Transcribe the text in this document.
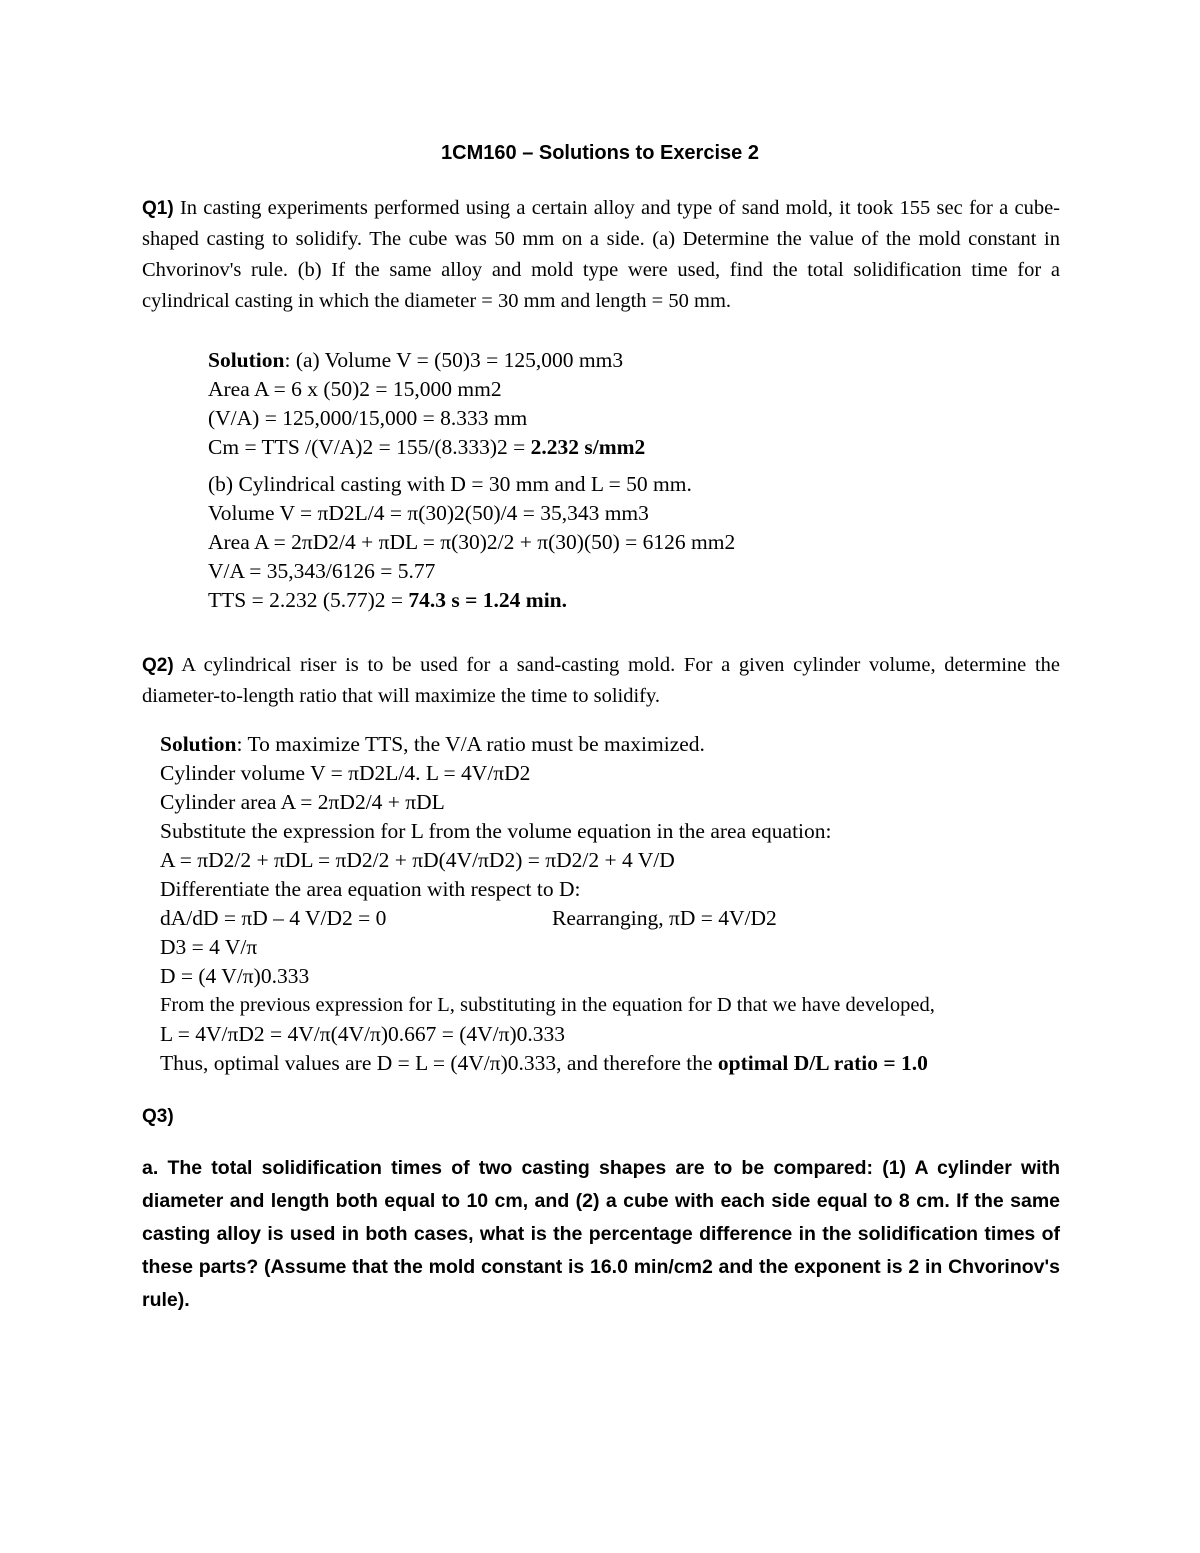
1CM160 – Solutions to Exercise 2
Q1) In casting experiments performed using a certain alloy and type of sand mold, it took 155 sec for a cube-shaped casting to solidify. The cube was 50 mm on a side. (a) Determine the value of the mold constant in Chvorinov's rule. (b) If the same alloy and mold type were used, find the total solidification time for a cylindrical casting in which the diameter = 30 mm and length = 50 mm.
Solution: (a) Volume V = (50)3 = 125,000 mm3
Area A = 6 x (50)2 = 15,000 mm2
(V/A) = 125,000/15,000 = 8.333 mm
Cm = TTS /(V/A)2 = 155/(8.333)2 = 2.232 s/mm2
(b) Cylindrical casting with D = 30 mm and L = 50 mm.
Volume V = πD2L/4 = π(30)2(50)/4 = 35,343 mm3
Area A = 2πD2/4 + πDL = π(30)2/2 + π(30)(50) = 6126 mm2
V/A = 35,343/6126 = 5.77
TTS = 2.232 (5.77)2 = 74.3 s = 1.24 min.
Q2) A cylindrical riser is to be used for a sand-casting mold. For a given cylinder volume, determine the diameter-to-length ratio that will maximize the time to solidify.
Solution: To maximize TTS, the V/A ratio must be maximized.
Cylinder volume V = πD2L/4. L = 4V/πD2
Cylinder area A = 2πD2/4 + πDL
Substitute the expression for L from the volume equation in the area equation:
A = πD2/2 + πDL = πD2/2 + πD(4V/πD2) = πD2/2 + 4 V/D
Differentiate the area equation with respect to D:
dA/dD = πD – 4 V/D2 = 0	Rearranging, πD = 4V/D2
D3 = 4 V/π
D = (4 V/π)0.333
From the previous expression for L, substituting in the equation for D that we have developed,
L = 4V/πD2 = 4V/π(4V/π)0.667 = (4V/π)0.333
Thus, optimal values are D = L = (4V/π)0.333, and therefore the optimal D/L ratio = 1.0
Q3)
a. The total solidification times of two casting shapes are to be compared: (1) A cylinder with diameter and length both equal to 10 cm, and (2) a cube with each side equal to 8 cm. If the same casting alloy is used in both cases, what is the percentage difference in the solidification times of these parts? (Assume that the mold constant is 16.0 min/cm2 and the exponent is 2 in Chvorinov's rule).
